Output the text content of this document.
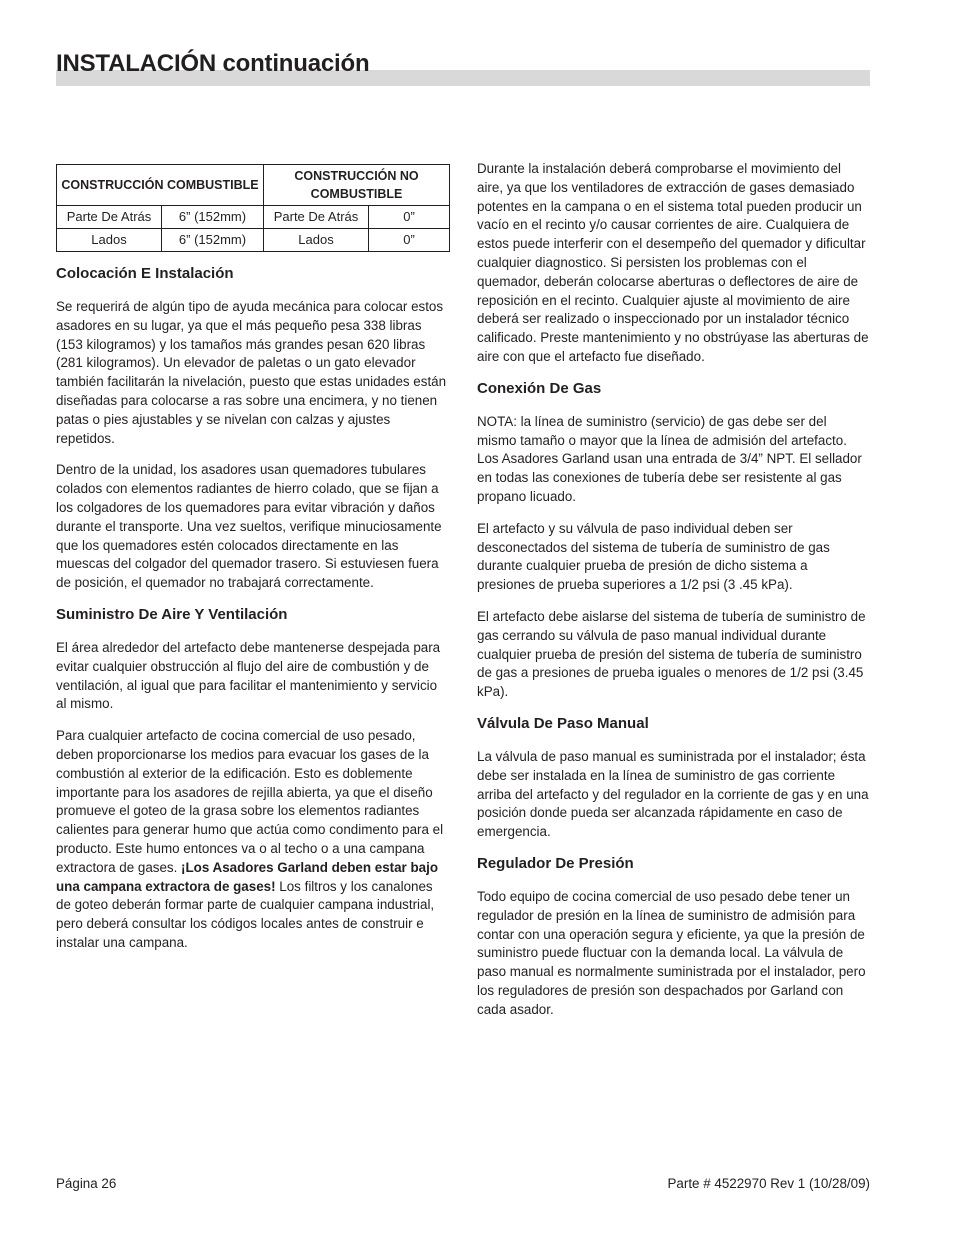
INSTALACIÓN continuación
CONSTRUCCIÓN COMBUSTIBLE		CONSTRUCCIÓN NO COMBUSTIBLE	
Parte De Atrás	6” (152mm)	Parte De Atrás	0”
Lados	6” (152mm)	Lados	0”
Colocación E Instalación

Se requerirá de algún tipo de ayuda mecánica para colocar estos asadores en su lugar, ya que el más pequeño pesa 338 libras (153 kilogramos) y los tamaños más grandes pesan 620 libras (281 kilogramos). Un elevador de paletas o un gato elevador también facilitarán la nivelación, puesto que estas unidades están diseñadas para colocarse a ras sobre una encimera, y no tienen patas o pies ajustables y se nivelan con calzas y ajustes repetidos.

Dentro de la unidad, los asadores usan quemadores tubulares colados con elementos radiantes de hierro colado, que se fijan a los colgadores de los quemadores para evitar vibración y daños durante el transporte. Una vez sueltos, verifique minuciosamente que los quemadores estén colocados directamente en las muescas del colgador del quemador trasero. Si estuviesen fuera de posición, el quemador no trabajará correctamente.

Suministro De Aire Y Ventilación

El área alrededor del artefacto debe mantenerse despejada para evitar cualquier obstrucción al flujo del aire de combustión y de ventilación, al igual que para facilitar el mantenimiento y servicio al mismo.

Para cualquier artefacto de cocina comercial de uso pesado, deben proporcionarse los medios para evacuar los gases de la combustión al exterior de la edificación. Esto es doblemente importante para los asadores de rejilla abierta, ya que el diseño promueve el goteo de la grasa sobre los elementos radiantes calientes para generar humo que actúa como condimento para el producto. Este humo entonces va o al techo o a una campana extractora de gases. ¡Los Asadores Garland deben estar bajo una campana extractora de gases! Los filtros y los canalones de goteo deberán formar parte de cualquier campana industrial, pero deberá consultar los códigos locales antes de construir e instalar una campana.

Durante la instalación deberá comprobarse el movimiento del aire, ya que los ventiladores de extracción de gases demasiado potentes en la campana o en el sistema total pueden producir un vacío en el recinto y/o causar corrientes de aire. Cualquiera de estos puede interferir con el desempeño del quemador y dificultar cualquier diagnostico. Si persisten los problemas con el quemador, deberán colocarse aberturas o deflectores de aire de reposición en el recinto. Cualquier ajuste al movimiento de aire deberá ser realizado o inspeccionado por un instalador técnico calificado. Preste mantenimiento y no obstrúyase las aberturas de aire con que el artefacto fue diseñado.

Conexión De Gas

NOTA: la línea de suministro (servicio) de gas debe ser del mismo tamaño o mayor que la línea de admisión del artefacto. Los Asadores Garland usan una entrada de 3/4” NPT. El sellador en todas las conexiones de tubería debe ser resistente al gas propano licuado.

El artefacto y su válvula de paso individual deben ser desconectados del sistema de tubería de suministro de gas durante cualquier prueba de presión de dicho sistema a presiones de prueba superiores a 1/2 psi (3 .45 kPa).

El artefacto debe aislarse del sistema de tubería de suministro de gas cerrando su válvula de paso manual individual durante cualquier prueba de presión del sistema de tubería de suministro de gas a presiones de prueba iguales o menores de 1/2 psi (3.45 kPa).

Válvula De Paso Manual

La válvula de paso manual es suministrada por el instalador; ésta debe ser instalada en la línea de suministro de gas corriente arriba del artefacto y del regulador en la corriente de gas y en una posición donde pueda ser alcanzada rápidamente en caso de emergencia.

Regulador De Presión

Todo equipo de cocina comercial de uso pesado debe tener un regulador de presión en la línea de suministro de admisión para contar con una operación segura y eficiente, ya que la presión de suministro puede fluctuar con la demanda local. La válvula de paso manual es normalmente suministrada por el instalador, pero los reguladores de presión son despachados por Garland con cada asador.

Página 26	Parte # 4522970 Rev 1 (10/28/09)
